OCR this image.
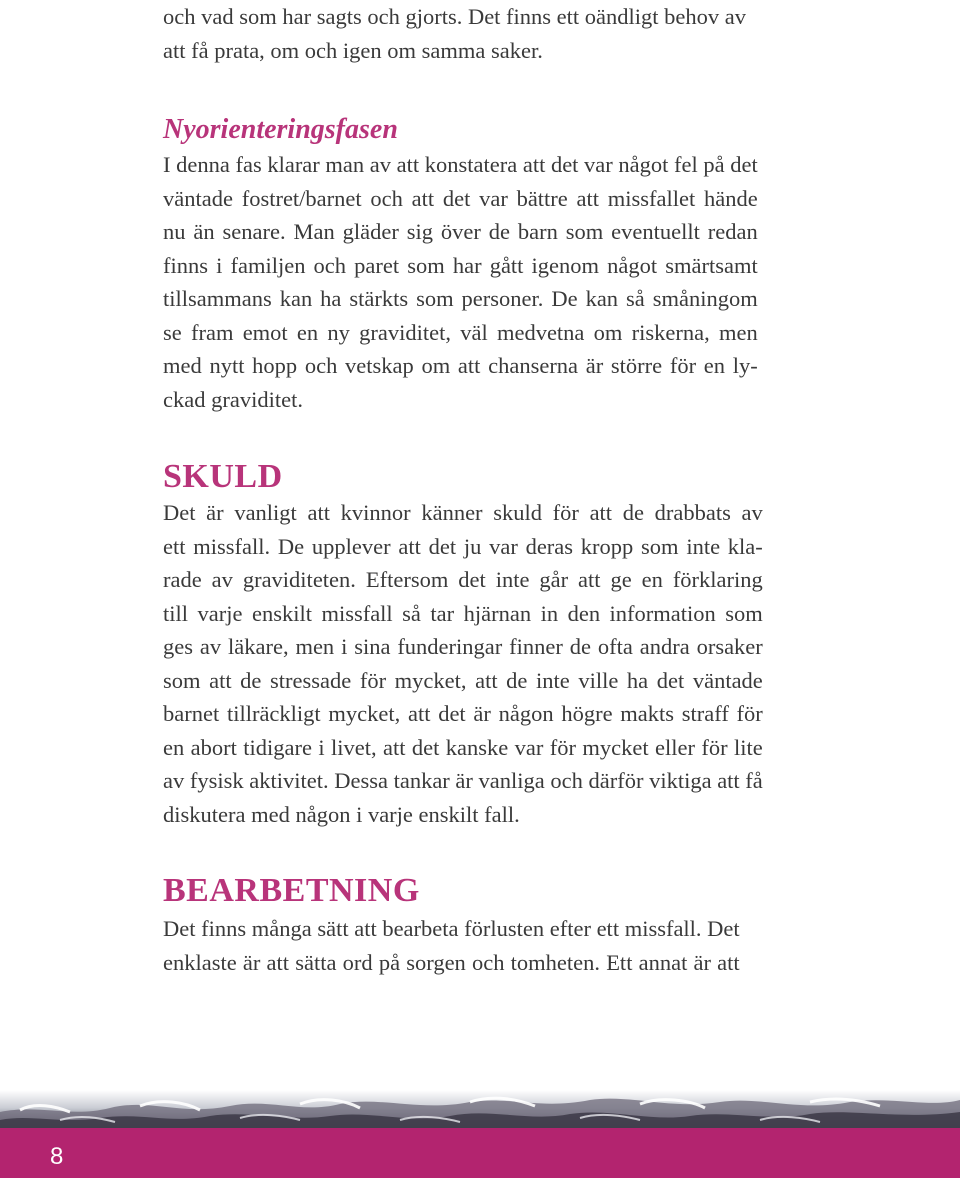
och vad som har sagts och gjorts. Det finns ett oändligt behov av
att få prata, om och igen om samma saker.

Nyorienteringsfasen

I denna fas klarar man av att konstatera att det var något fel på det
väntade fostret/barnet och att det var bättre att missfallet hände
nu än senare. Man gläder sig över de barn som eventuellt redan
finns i familjen och paret som har gått igenom något smärtsamt
tillsammans kan ha stärkts som personer. De kan så småningom
se fram emot en ny graviditet, väl medvetna om riskerna, men
med nytt hopp och vetskap om att chanserna är större för en ly-
ckad graviditet.

SKULD

Det är vanligt att kvinnor känner skuld för att de drabbats av
ett missfall. De upplever att det ju var deras kropp som inte kla-
rade av graviditeten. Eftersom det inte går att ge en förklaring
till varje enskilt missfall så tar hjärnan in den information som
ges av läkare, men i sina funderingar finner de ofta andra orsaker
som att de stressade för mycket, att de inte ville ha det väntade
barnet tillräckligt mycket, att det är någon högre makts straff för
en abort tidigare i livet, att det kanske var för mycket eller för lite
av fysisk aktivitet. Dessa tankar är vanliga och därför viktiga att få
diskutera med någon i varje enskilt fall.

BEARBETNING

Det finns många sätt att bearbeta förlusten efter ett missfall. Det
enklaste är att sätta ord på sorgen och tomheten. Ett annat är att

8
